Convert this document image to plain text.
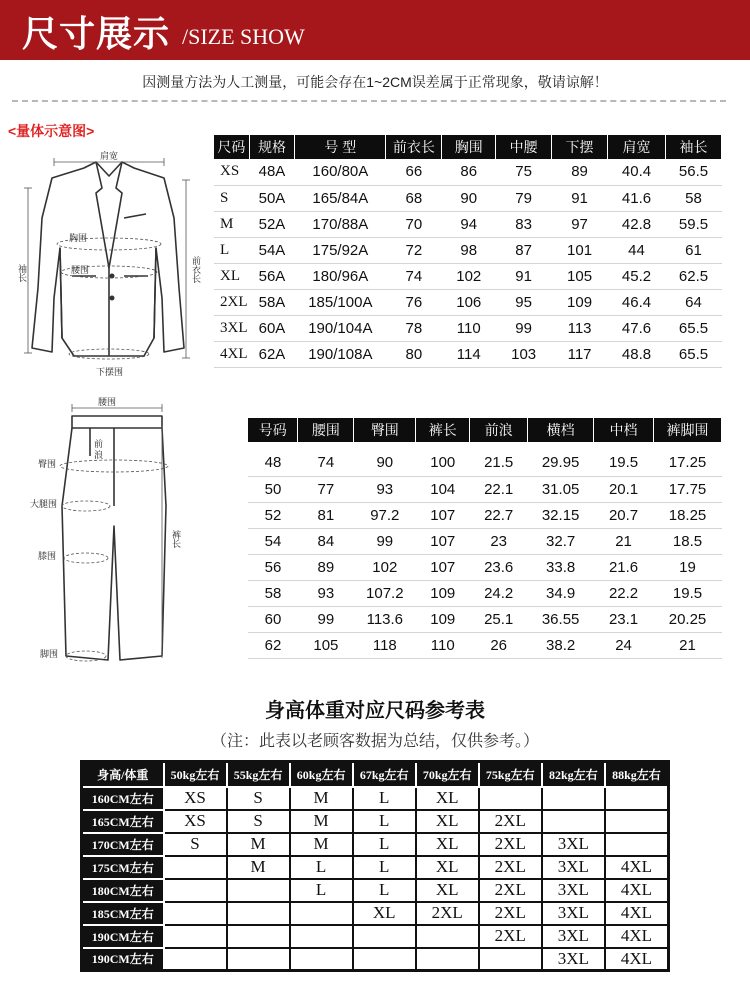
尺寸展示 /SIZE SHOW
因测量方法为人工测量，可能会存在1~2CM误差属于正常现象，敬请谅解！
<量体示意图>
肩宽
胸围
腰围
袖长	前衣长
下摆围
尺码	规格	号 型	前衣长	胸围	中腰	下摆	肩宽	袖长
XS	48A	160/80A	66	86	75	89	40.4	56.5
S	50A	165/84A	68	90	79	91	41.6	58
M	52A	170/88A	70	94	83	97	42.8	59.5
L	54A	175/92A	72	98	87	101	44	61
XL	56A	180/96A	74	102	91	105	45.2	62.5
2XL	58A	185/100A	76	106	95	109	46.4	64
3XL	60A	190/104A	78	110	99	113	47.6	65.5
4XL	62A	190/108A	80	114	103	117	48.8	65.5
腰围
前浪
臀围
大腿围
膝围
裤长
脚围
号码	腰围	臀围	裤长	前浪	横档	中档	裤脚围

48	74	90	100	21.5	29.95	19.5	17.25
50	77	93	104	22.1	31.05	20.1	17.75
52	81	97.2	107	22.7	32.15	20.7	18.25
54	84	99	107	23	32.7	21	18.5
56	89	102	107	23.6	33.8	21.6	19
58	93	107.2	109	24.2	34.9	22.2	19.5
60	99	113.6	109	25.1	36.55	23.1	20.25
62	105	118	110	26	38.2	24	21
身高体重对应尺码参考表
（注：此表以老顾客数据为总结，仅供参考。）
身高/体重	50kg左右	55kg左右	60kg左右	67kg左右	70kg左右	75kg左右	82kg左右	88kg左右
160CM左右	XS	S	M	L	XL			
165CM左右	XS	S	M	L	XL	2XL		
170CM左右	S	M	M	L	XL	2XL	3XL	
175CM左右		M	L	L	XL	2XL	3XL	4XL
180CM左右			L	L	XL	2XL	3XL	4XL
185CM左右				XL	2XL	2XL	3XL	4XL
190CM左右						2XL	3XL	4XL
190CM左右							3XL	4XL
